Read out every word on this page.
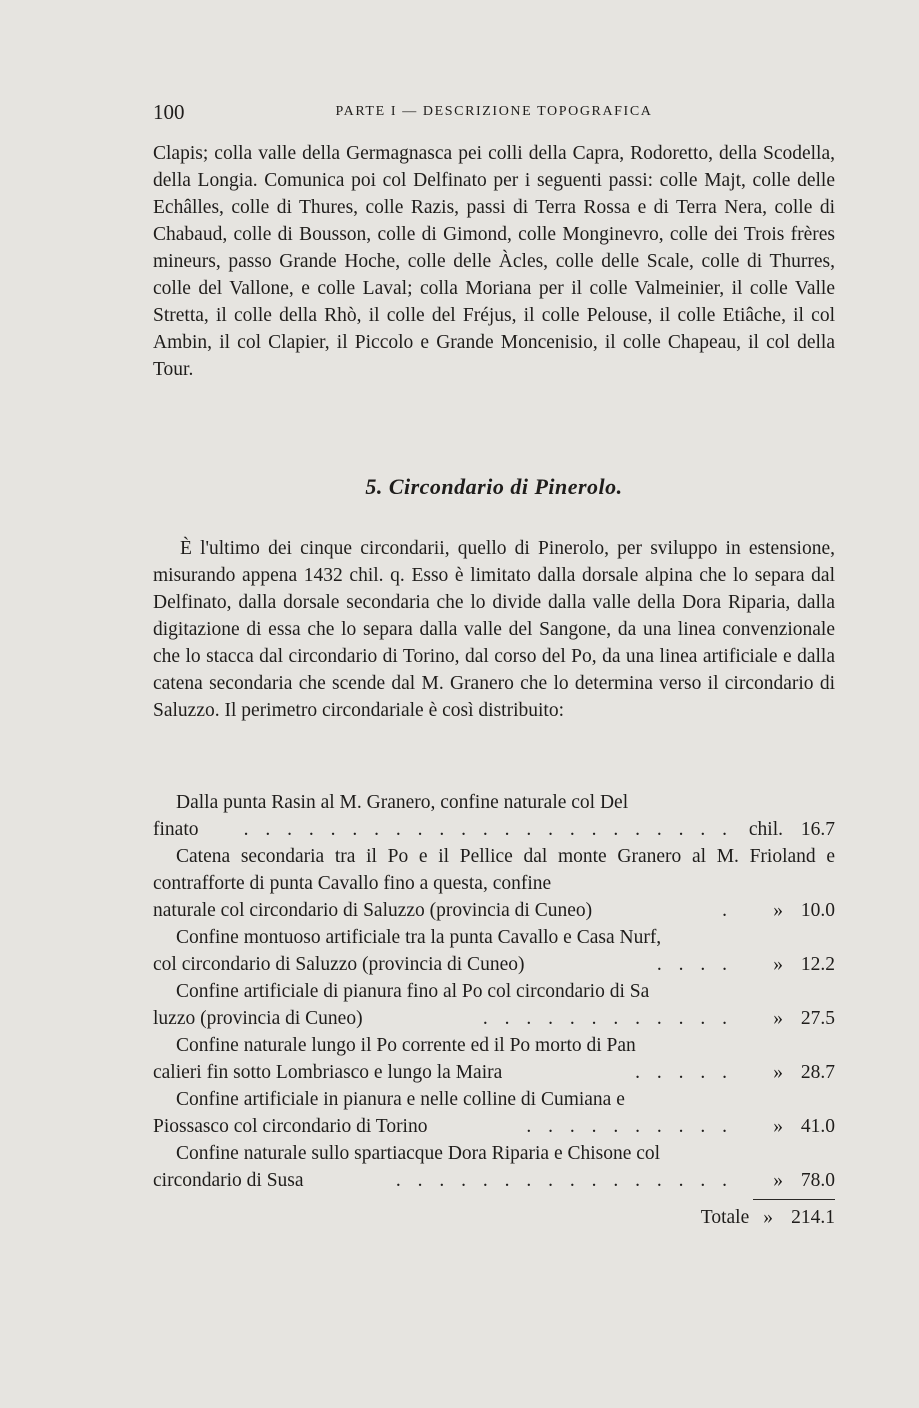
100	PARTE I — DESCRIZIONE TOPOGRAFICA
Clapis; colla valle della Germagnasca pei colli della Capra, Rodoretto, della Scodella, della Longia. Comunica poi col Delfinato per i seguenti passi: colle Majt, colle delle Echâlles, colle di Thures, colle Razis, passi di Terra Rossa e di Terra Nera, colle di Chabaud, colle di Bousson, colle di Gimond, colle Monginevro, colle dei Trois frères mineurs, passo Grande Hoche, colle delle Àcles, colle delle Scale, colle di Thurres, colle del Vallone, e colle Laval; colla Moriana per il colle Valmeinier, il colle Valle Stretta, il colle della Rhò, il colle del Fréjus, il colle Pelouse, il colle Etiâche, il col Ambin, il col Clapier, il Piccolo e Grande Moncenisio, il colle Chapeau, il col della Tour.
5. Circondario di Pinerolo.
È l'ultimo dei cinque circondarii, quello di Pinerolo, per sviluppo in estensione, misurando appena 1432 chil. q. Esso è limitato dalla dorsale alpina che lo separa dal Delfinato, dalla dorsale secondaria che lo divide dalla valle della Dora Riparia, dalla digitazione di essa che lo separa dalla valle del Sangone, da una linea convenzionale che lo stacca dal circondario di Torino, dal corso del Po, da una linea artificiale e dalla catena secondaria che scende dal M. Granero che lo determina verso il circondario di Saluzzo. Il perimetro circondariale è così distribuito:
Dalla punta Rasin al M. Granero, confine naturale col Del
finato	. . . . . . . . . . . . . . . . . . . . . . . chil. 16.7
Catena secondaria tra il Po e il Pellice dal monte Granero al M. Frioland e contrafforte di punta Cavallo fino a questa, confine
naturale col circondario di Saluzzo (provincia di Cuneo)	.	» 10.0
Confine montuoso artificiale tra la punta Cavallo e Casa Nurf,
col circondario di Saluzzo (provincia di Cuneo)	. . . .	» 12.2
Confine artificiale di pianura fino al Po col circondario di Sa
luzzo (provincia di Cuneo)	. . . . . . . . . . . .	» 27.5
Confine naturale lungo il Po corrente ed il Po morto di Pan
calieri fin sotto Lombriasco e lungo la Maira	. . . . .	» 28.7
Confine artificiale in pianura e nelle colline di Cumiana e
Piossasco col circondario di Torino	. . . . . . . . . .	» 41.0
Confine naturale sullo spartiacque Dora Riparia e Chisone col
circondario di Susa	. . . . . . . . . . . . . . . .	» 78.0
Totale » 214.1
